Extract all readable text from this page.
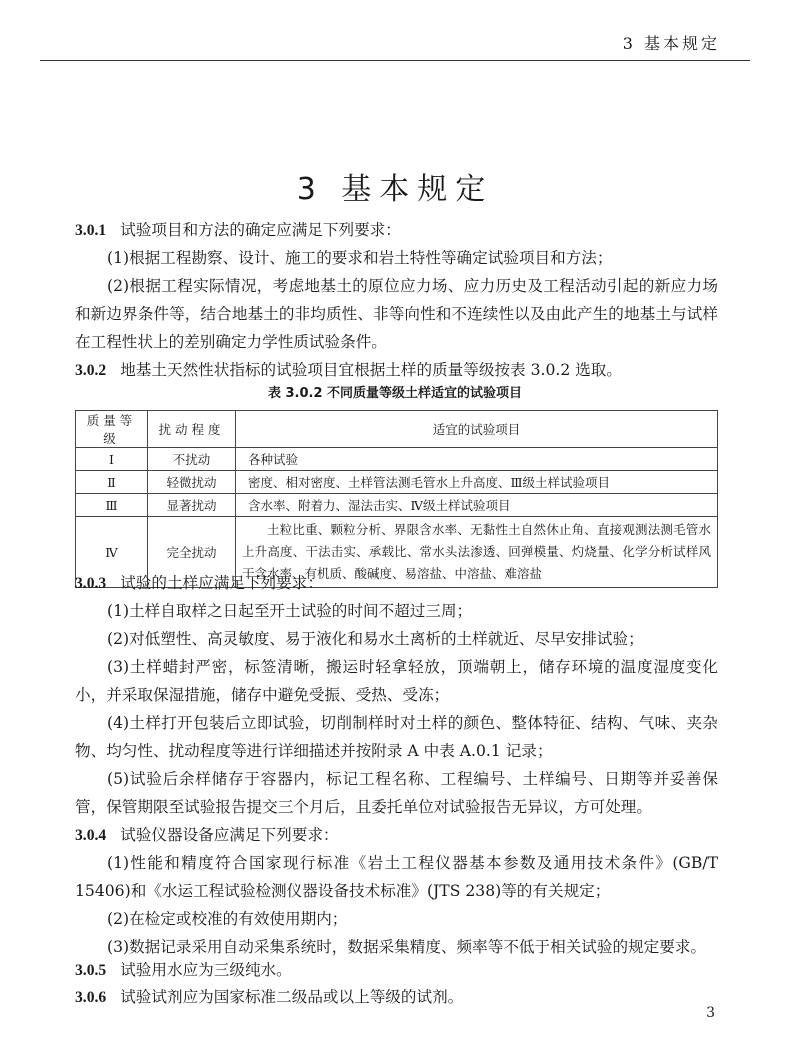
3 基本规定
3 基本规定
3.0.1 试验项目和方法的确定应满足下列要求：
(1)根据工程勘察、设计、施工的要求和岩土特性等确定试验项目和方法；
(2)根据工程实际情况，考虑地基土的原位应力场、应力历史及工程活动引起的新应力场和新边界条件等，结合地基土的非均质性、非等向性和不连续性以及由此产生的地基土与试样在工程性状上的差别确定力学性质试验条件。
3.0.2 地基土天然性状指标的试验项目宜根据土样的质量等级按表 3.0.2 选取。
表 3.0.2 不同质量等级土样适宜的试验项目
质量等级	扰动程度	适宜的试验项目
Ⅰ	不扰动	各种试验
Ⅱ	轻微扰动	密度、相对密度、土样管法测毛管水上升高度、Ⅲ级土样试验项目
Ⅲ	显著扰动	含水率、附着力、湿法击实、Ⅳ级土样试验项目
Ⅳ	完全扰动	土粒比重、颗粒分析、界限含水率、无黏性土自然休止角、直接观测法测毛管水上升高度、干法击实、承载比、常水头法渗透、回弹模量、灼烧量、化学分析试样风干含水率、有机质、酸碱度、易溶盐、中溶盐、难溶盐
3.0.3 试验的土样应满足下列要求：
(1)土样自取样之日起至开土试验的时间不超过三周；
(2)对低塑性、高灵敏度、易于液化和易水土离析的土样就近、尽早安排试验；
(3)土样蜡封严密，标签清晰，搬运时轻拿轻放，顶端朝上，储存环境的温度湿度变化小，并采取保湿措施，储存中避免受振、受热、受冻；
(4)土样打开包装后立即试验，切削制样时对土样的颜色、整体特征、结构、气味、夹杂物、均匀性、扰动程度等进行详细描述并按附录 A 中表 A.0.1 记录；
(5)试验后余样储存于容器内，标记工程名称、工程编号、土样编号、日期等并妥善保管，保管期限至试验报告提交三个月后，且委托单位对试验报告无异议，方可处理。
3.0.4 试验仪器设备应满足下列要求：
(1)性能和精度符合国家现行标准《岩土工程仪器基本参数及通用技术条件》(GB/T 15406)和《水运工程试验检测仪器设备技术标准》(JTS 238)等的有关规定；
(2)在检定或校准的有效使用期内；
(3)数据记录采用自动采集系统时，数据采集精度、频率等不低于相关试验的规定要求。
3.0.5 试验用水应为三级纯水。
3.0.6 试验试剂应为国家标准二级品或以上等级的试剂。
3
